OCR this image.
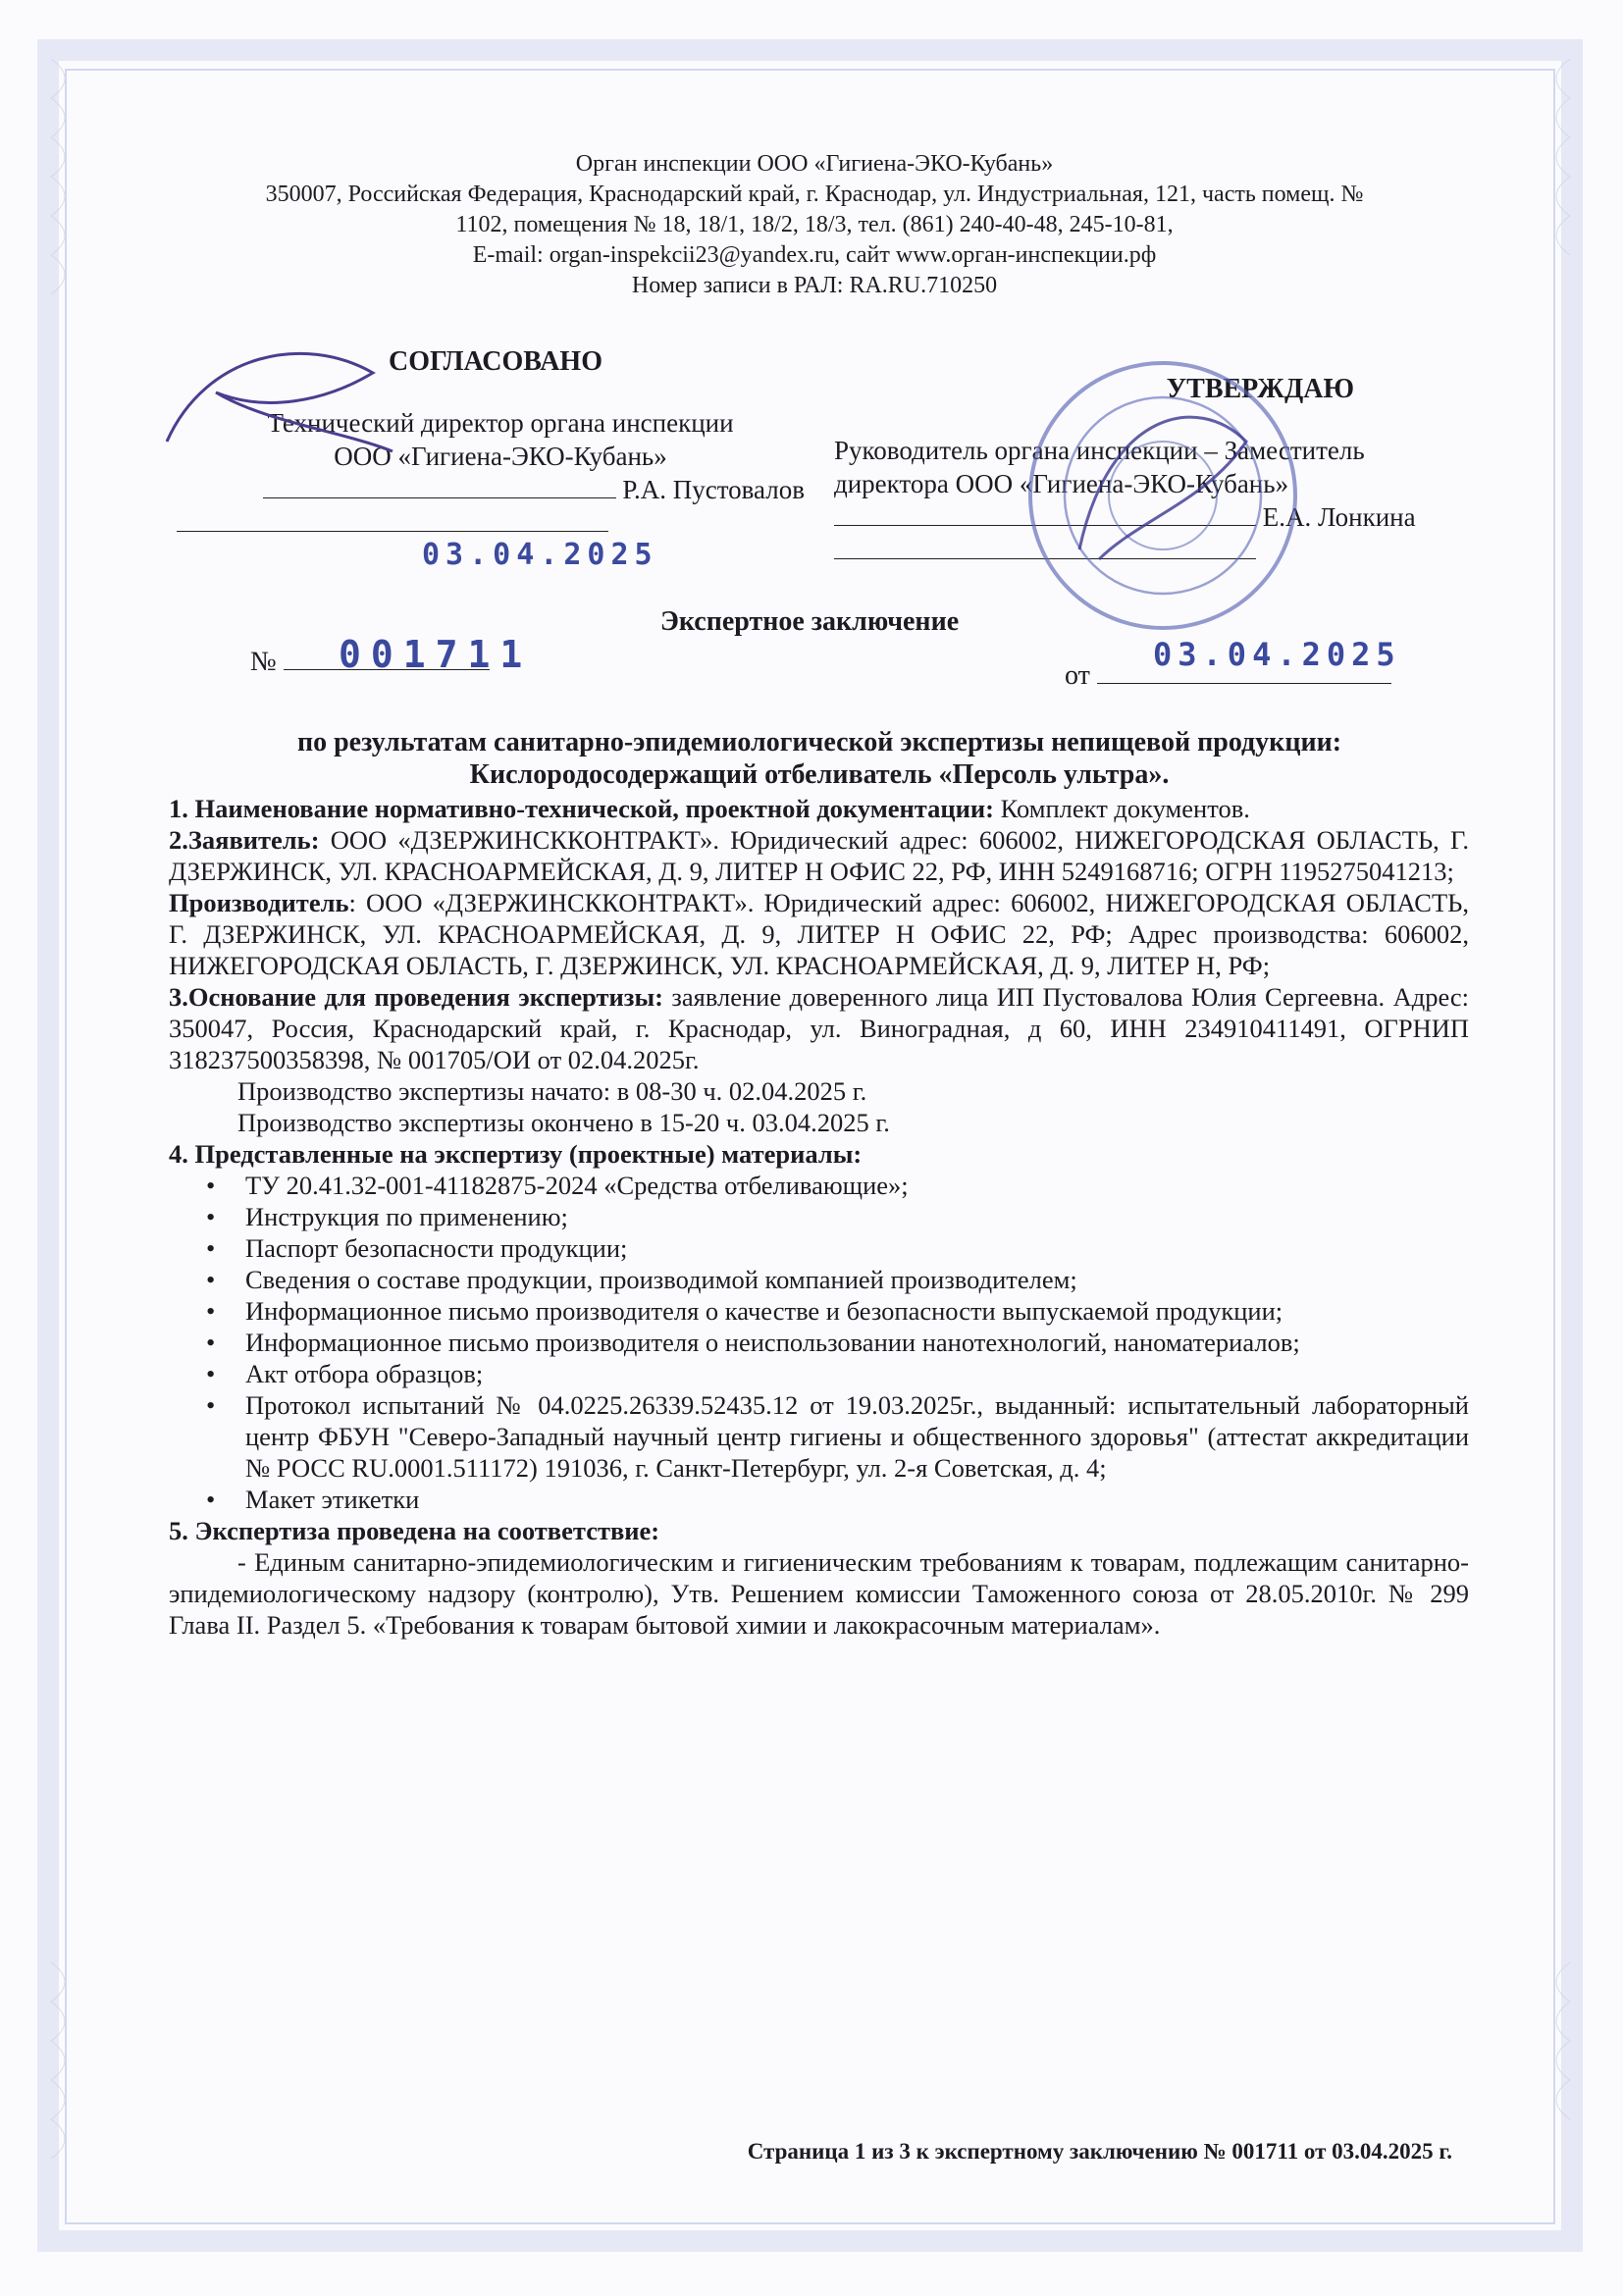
Орган инспекции ООО «Гигиена-ЭКО-Кубань»
350007, Российская Федерация, Краснодарский край, г. Краснодар, ул. Индустриальная, 121, часть помещ. №
1102, помещения № 18, 18/1, 18/2, 18/3, тел. (861) 240-40-48, 245-10-81,
E-mail: organ-inspekcii23@yandex.ru, сайт www.орган-инспекции.рф
Номер записи в РАЛ: RA.RU.710250
СОГЛАСОВАНО
Технический директор органа инспекции
ООО «Гигиена-ЭКО-Кубань»
Р.А. Пустовалов
03.04.2025
УТВЕРЖДАЮ
Руководитель органа инспекции – Заместитель
директора ООО «Гигиена-ЭКО-Кубань»
Е.А. Лонкина
Экспертное заключение
№	001711	от
03.04.2025
по результатам санитарно-эпидемиологической экспертизы непищевой продукции:
Кислородосодержащий отбеливатель «Персоль ультра».
1. Наименование нормативно-технической, проектной документации: Комплект документов.
2.Заявитель: ООО «ДЗЕРЖИНСККОНТРАКТ». Юридический адрес: 606002, НИЖЕГОРОДСКАЯ ОБЛАСТЬ, Г. ДЗЕРЖИНСК, УЛ. КРАСНОАРМЕЙСКАЯ, Д. 9, ЛИТЕР Н ОФИС 22, РФ, ИНН 5249168716; ОГРН 1195275041213;
Производитель: ООО «ДЗЕРЖИНСККОНТРАКТ». Юридический адрес: 606002, НИЖЕГОРОДСКАЯ ОБЛАСТЬ, Г. ДЗЕРЖИНСК, УЛ. КРАСНОАРМЕЙСКАЯ, Д. 9, ЛИТЕР Н ОФИС 22, РФ; Адрес производства: 606002, НИЖЕГОРОДСКАЯ ОБЛАСТЬ, Г. ДЗЕРЖИНСК, УЛ. КРАСНОАРМЕЙСКАЯ, Д. 9, ЛИТЕР Н, РФ;
3.Основание для проведения экспертизы: заявление доверенного лица ИП Пустовалова Юлия Сергеевна. Адрес: 350047, Россия, Краснодарский край, г. Краснодар, ул. Виноградная, д 60, ИНН 234910411491, ОГРНИП 318237500358398, № 001705/ОИ от 02.04.2025г.
Производство экспертизы начато: в 08-30 ч. 02.04.2025 г.
Производство экспертизы окончено в 15-20 ч. 03.04.2025 г.
4. Представленные на экспертизу (проектные) материалы:
• ТУ 20.41.32-001-41182875-2024 «Средства отбеливающие»;
• Инструкция по применению;
• Паспорт безопасности продукции;
• Сведения о составе продукции, производимой компанией производителем;
• Информационное письмо производителя о качестве и безопасности выпускаемой продукции;
• Информационное письмо производителя о неиспользовании нанотехнологий, наноматериалов;
• Акт отбора образцов;
• Протокол испытаний № 04.0225.26339.52435.12 от 19.03.2025г., выданный: испытательный лабораторный центр ФБУН "Северо-Западный научный центр гигиены и общественного здоровья" (аттестат аккредитации № РОСС RU.0001.511172) 191036, г. Санкт-Петербург, ул. 2-я Советская, д. 4;
• Макет этикетки
5. Экспертиза проведена на соответствие:
- Единым санитарно-эпидемиологическим и гигиеническим требованиям к товарам, подлежащим санитарно-эпидемиологическому надзору (контролю), Утв. Решением комиссии Таможенного союза от 28.05.2010г. № 299 Глава II. Раздел 5. «Требования к товарам бытовой химии и лакокрасочным материалам».
Страница 1 из 3 к экспертному заключению № 001711 от 03.04.2025 г.
